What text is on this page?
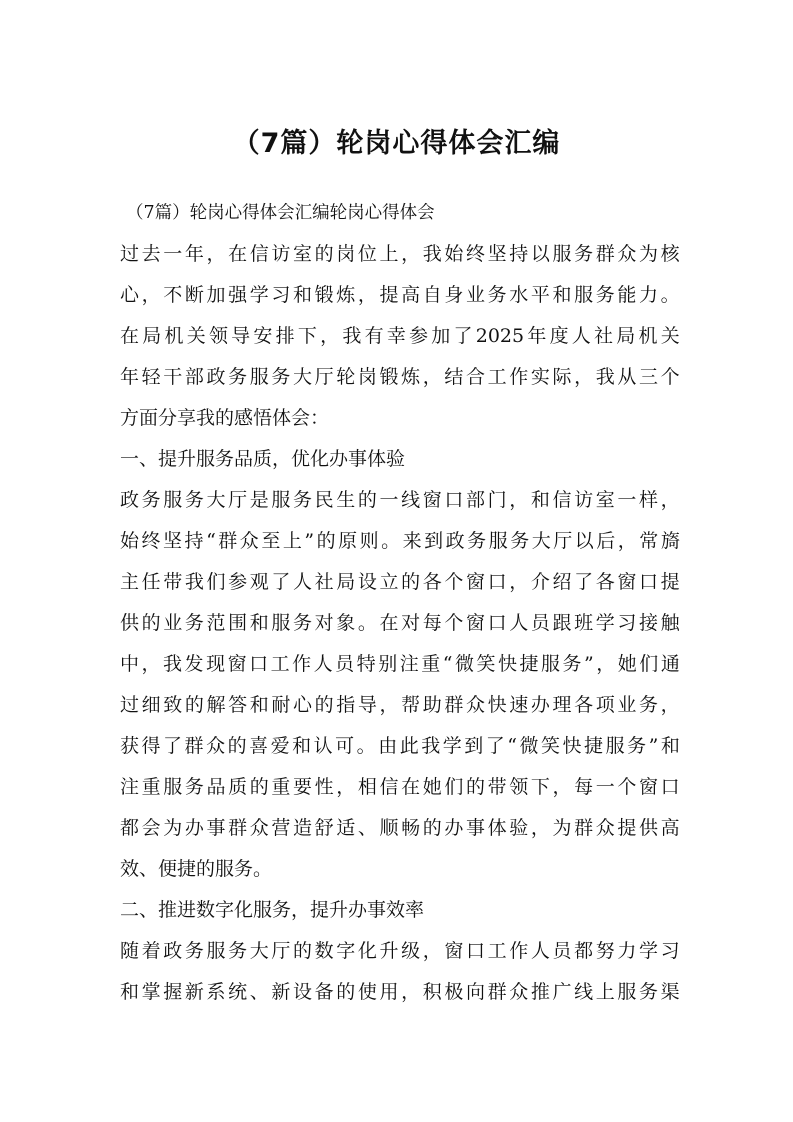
（7篇）轮岗心得体会汇编
（7篇）轮岗心得体会汇编轮岗心得体会
过 去 一 年 ， 在 信 访 室 的 岗 位 上 ， 我 始 终 坚 持 以 服 务 群 众 为 核
心 ， 不 断 加 强 学 习 和 锻 炼 ， 提 高 自 身 业 务 水 平 和 服 务 能 力 。
在 局 机 关 领 导 安 排 下 ， 我 有 幸 参 加 了 2025 年 度 人 社 局 机 关
年 轻 干 部 政 务 服 务 大 厅 轮 岗 锻 炼 ， 结 合 工 作 实 际 ， 我 从 三 个
方面分享我的感悟体会：
一、提升服务品质，优化办事体验
政 务 服 务 大 厅 是 服 务 民 生 的 一 线 窗 口 部 门 ， 和 信 访 室 一 样 ，
始 终 坚 持 “ 群 众 至 上 ” 的 原 则 。 来 到 政 务 服 务 大 厅 以 后 ， 常 旖
主 任 带 我 们 参 观 了 人 社 局 设 立 的 各 个 窗 口 ， 介 绍 了 各 窗 口 提
供 的 业 务 范 围 和 服 务 对 象 。 在 对 每 个 窗 口 人 员 跟 班 学 习 接 触
中 ， 我 发 现 窗 口 工 作 人 员 特 别 注 重 “ 微 笑 快 捷 服 务 ” ， 她 们 通
过 细 致 的 解 答 和 耐 心 的 指 导 ， 帮 助 群 众 快 速 办 理 各 项 业 务 ，
获 得 了 群 众 的 喜 爱 和 认 可 。 由 此 我 学 到 了 “ 微 笑 快 捷 服 务 ” 和
注 重 服 务 品 质 的 重 要 性 ， 相 信 在 她 们 的 带 领 下 ， 每 一 个 窗 口
都 会 为 办 事 群 众 营 造 舒 适 、 顺 畅 的 办 事 体 验 ， 为 群 众 提 供 高
效、便捷的服务。
二、推进数字化服务，提升办事效率
随 着 政 务 服 务 大 厅 的 数 字 化 升 级 ， 窗 口 工 作 人 员 都 努 力 学 习
和 掌 握 新 系 统 、 新 设 备 的 使 用 ， 积 极 向 群 众 推 广 线 上 服 务 渠
